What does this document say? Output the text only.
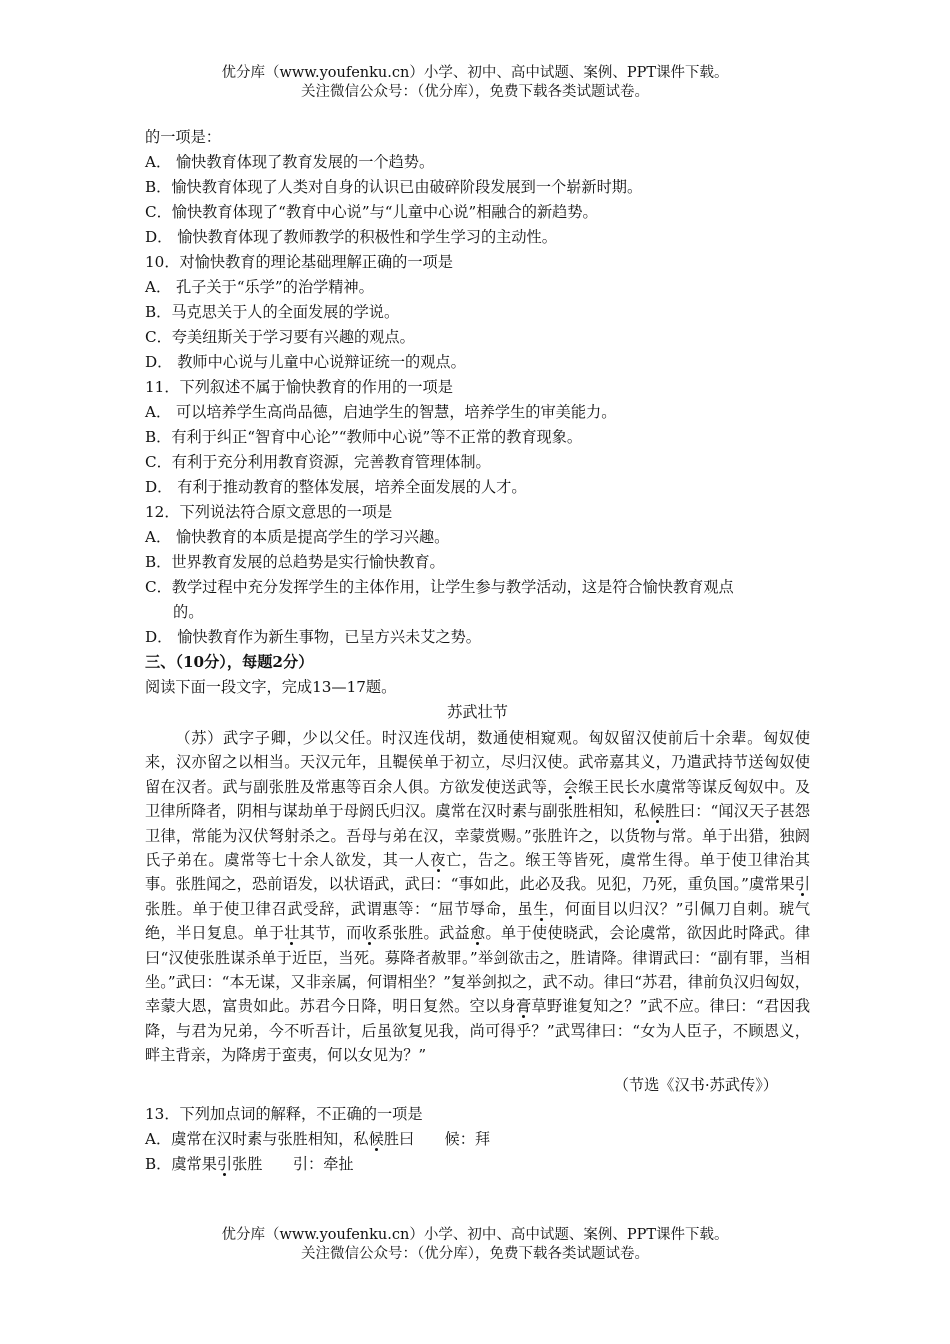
优分库（www.youfenku.cn）小学、初中、高中试题、案例、PPT课件下载。
关注微信公众号：（优分库），免费下载各类试题试卷。
的一项是：
A． 愉快教育体现了教育发展的一个趋势。
B．愉快教育体现了人类对自身的认识已由破碎阶段发展到一个崭新时期。
C．愉快教育体现了“教育中心说”与“儿童中心说”相融合的新趋势。
D． 愉快教育体现了教师教学的积极性和学生学习的主动性。
10．对愉快教育的理论基础理解正确的一项是
A． 孔子关于“乐学”的治学精神。
B．马克思关于人的全面发展的学说。
C．夸美纽斯关于学习要有兴趣的观点。
D． 教师中心说与儿童中心说辩证统一的观点。
11．下列叙述不属于愉快教育的作用的一项是
A． 可以培养学生高尚品德，启迪学生的智慧，培养学生的审美能力。
B．有利于纠正“智育中心论”“教师中心说”等不正常的教育现象。
C．有利于充分利用教育资源，完善教育管理体制。
D． 有利于推动教育的整体发展，培养全面发展的人才。
12．下列说法符合原文意思的一项是
A． 愉快教育的本质是提高学生的学习兴趣。
B．世界教育发展的总趋势是实行愉快教育。
C．教学过程中充分发挥学生的主体作用，让学生参与教学活动，这是符合愉快教育观点
的。
D． 愉快教育作为新生事物，已呈方兴未艾之势。
三、（10分），每题2分）
阅读下面一段文字，完成13—17题。
苏武壮节
（苏）武字子卿，少以父任。时汉连伐胡，数通使相窥观。匈奴留汉使前后十余辈。匈奴使来，汉亦留之以相当。天汉元年，且鞮侯单于初立，尽归汉使。武帝嘉其义，乃遣武持节送匈奴使留在汉者。武与副张胜及常惠等百余人俱。方欲发使送武等，会缑王民长水虞常等谋反匈奴中。及卫律所降者，阴相与谋劫单于母阏氏归汉。虞常在汉时素与副张胜相知，私候胜曰：“闻汉天子甚怨卫律，常能为汉伏弩射杀之。吾母与弟在汉，幸蒙赏赐。”张胜许之，以货物与常。单于出猎，独阏氏子弟在。虞常等七十余人欲发，其一人夜亡，告之。缑王等皆死，虞常生得。单于使卫律治其事。张胜闻之，恐前语发，以状语武，武曰：“事如此，此必及我。见犯，乃死，重负国。”虞常果引张胜。单于使卫律召武受辞，武谓惠等：“屈节辱命，虽生，何面目以归汉？”引佩刀自刺。琥气绝，半日复息。单于壮其节，而收系张胜。武益愈。单于使使晓武，会论虞常，欲因此时降武。律曰“汉使张胜谋杀单于近臣，当死。募降者赦罪。”举剑欲击之，胜请降。律谓武曰：“副有罪，当相坐。”武曰：“本无谋，又非亲属，何谓相坐？”复举剑拟之，武不动。律曰“苏君，律前负汉归匈奴，幸蒙大恩，富贵如此。苏君今日降，明日复然。空以身膏草野谁复知之？”武不应。律曰：“君因我降，与君为兄弟，今不听吾计，后虽欲复见我，尚可得乎？”武骂律曰：“女为人臣子，不顾恩义，畔主背亲，为降虏于蛮夷，何以女见为？”
（节选《汉书·苏武传》）
13．下列加点词的解释，不正确的一项是
A．虞常在汉时素与张胜相知，私候胜曰　　候：拜
B．虞常果引张胜　　引：牵扯
优分库（www.youfenku.cn）小学、初中、高中试题、案例、PPT课件下载。
关注微信公众号：（优分库），免费下载各类试题试卷。
